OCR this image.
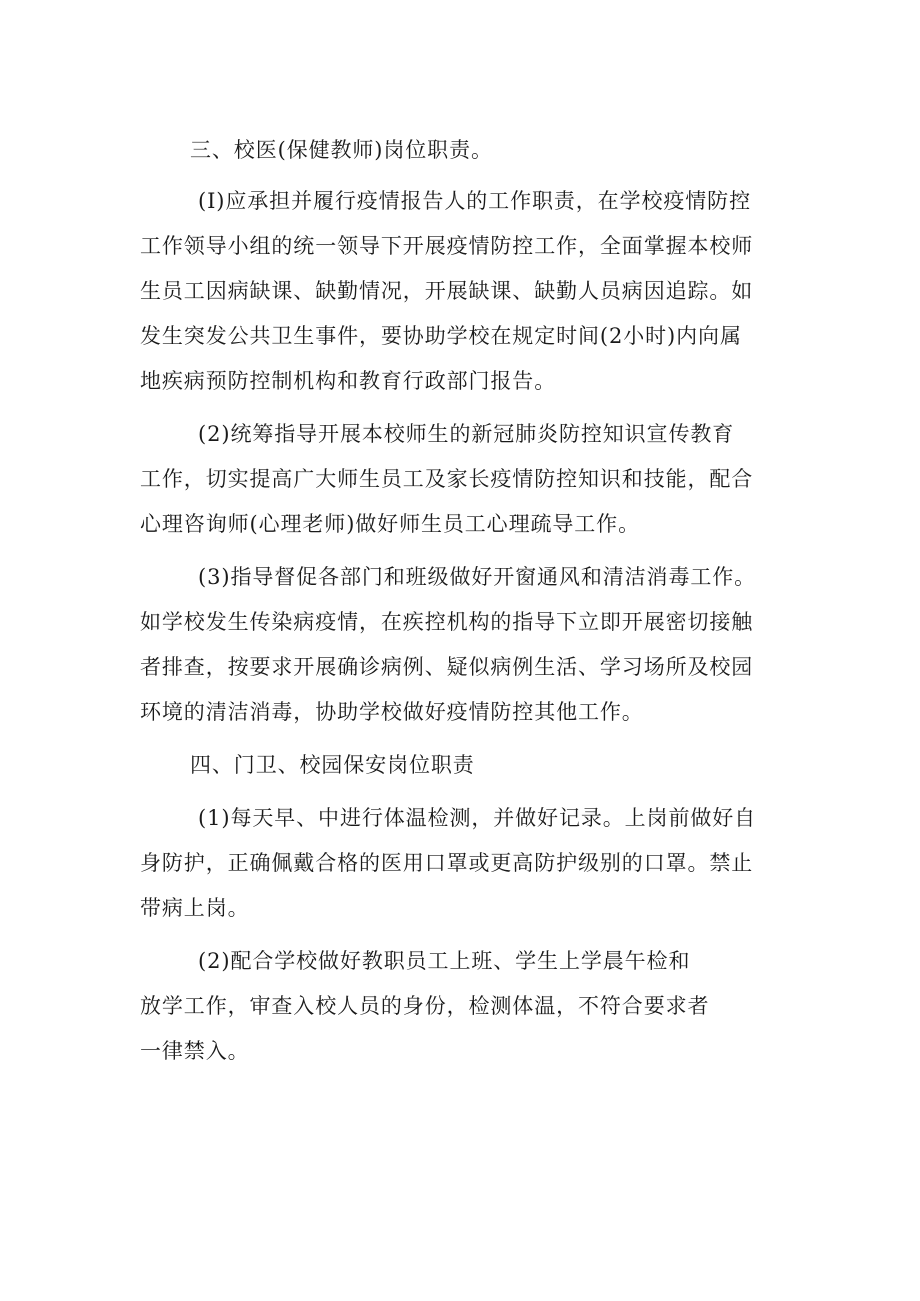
三、校医(保健教师)岗位职责。
(I)应承担并履行疫情报告人的工作职责，在学校疫情防控
工作领导小组的统一领导下开展疫情防控工作，全面掌握本校师
生员工因病缺课、缺勤情况，开展缺课、缺勤人员病因追踪。如
发生突发公共卫生事件，要协助学校在规定时间(2小时)内向属
地疾病预防控制机构和教育行政部门报告。
(2)统筹指导开展本校师生的新冠肺炎防控知识宣传教育
工作，切实提高广大师生员工及家长疫情防控知识和技能，配合
心理咨询师(心理老师)做好师生员工心理疏导工作。
(3)指导督促各部门和班级做好开窗通风和清洁消毒工作。
如学校发生传染病疫情，在疾控机构的指导下立即开展密切接触
者排查，按要求开展确诊病例、疑似病例生活、学习场所及校园
环境的清洁消毒，协助学校做好疫情防控其他工作。
四、门卫、校园保安岗位职责
(1)每天早、中进行体温检测，并做好记录。上岗前做好自
身防护，正确佩戴合格的医用口罩或更高防护级别的口罩。禁止
带病上岗。
(2)配合学校做好教职员工上班、学生上学晨午检和
放学工作，审查入校人员的身份，检测体温，不符合要求者
一律禁入。
